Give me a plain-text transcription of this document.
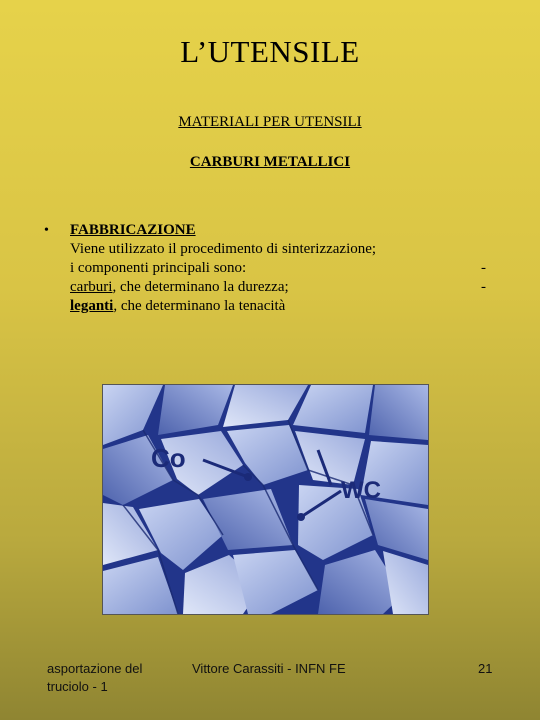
L’UTENSILE
MATERIALI PER UTENSILI
CARBURI METALLICI
• FABBRICAZIONE
Viene utilizzato il procedimento di sinterizzazione;
i componenti principali sono:
carburi, che determinano la durezza;
leganti, che determinano la tenacità
-
-
Co
WC
asportazione del
truciolo - 1
Vittore Carassiti - INFN FE	21
